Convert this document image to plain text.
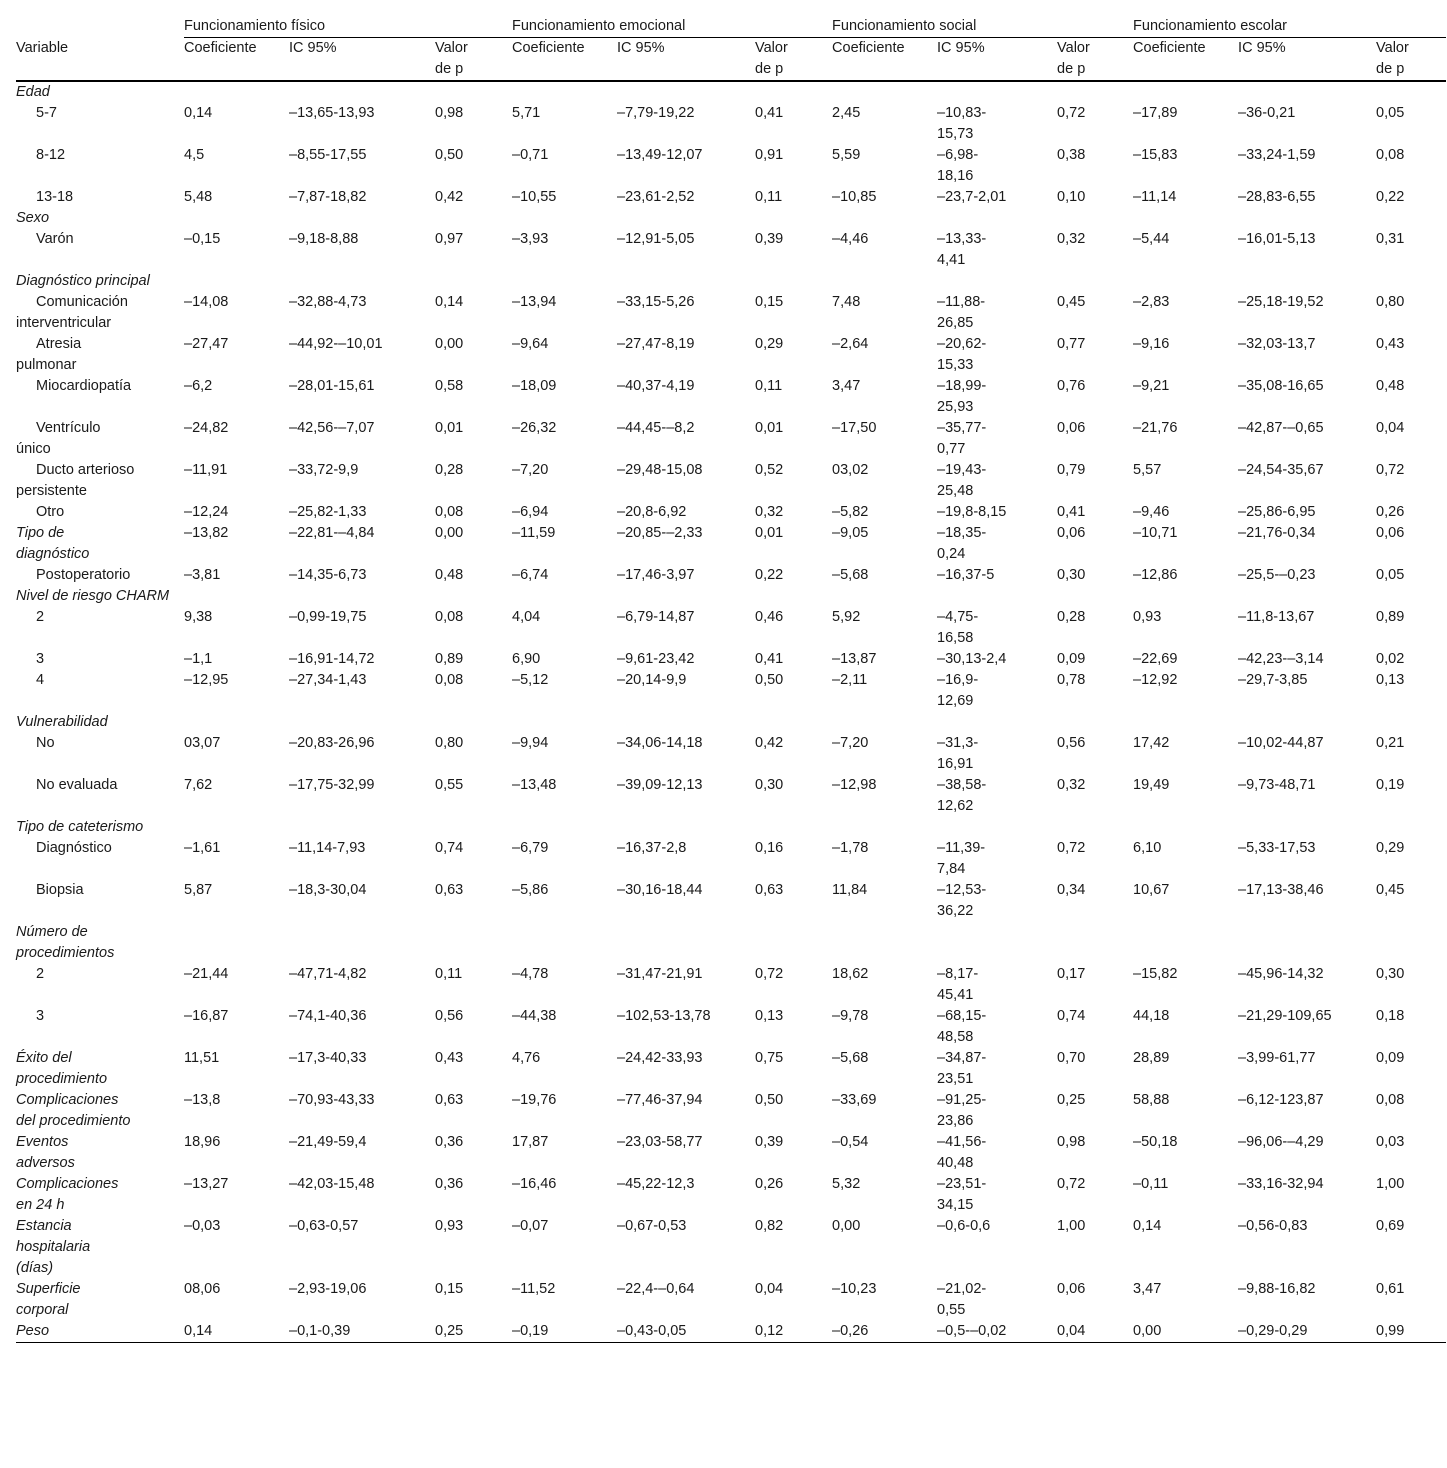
	Funcionamiento físico			Funcionamiento emocional			Funcionamiento social			Funcionamiento escolar		
Variable	Coeficiente	IC 95%	Valor de p	Coeficiente	IC 95%	Valor de p	Coeficiente	IC 95%	Valor de p	Coeficiente	IC 95%	Valor de p
Edad												
5-7	0,14	–13,65-13,93	0,98	5,71	–7,79-19,22	0,41	2,45	–10,83-15,73	0,72	–17,89	–36-0,21	0,05
8-12	4,5	–8,55-17,55	0,50	–0,71	–13,49-12,07	0,91	5,59	–6,98-18,16	0,38	–15,83	–33,24-1,59	0,08
13-18	5,48	–7,87-18,82	0,42	–10,55	–23,61-2,52	0,11	–10,85	–23,7-2,01	0,10	–11,14	–28,83-6,55	0,22
Sexo												
Varón	–0,15	–9,18-8,88	0,97	–3,93	–12,91-5,05	0,39	–4,46	–13,33-4,41	0,32	–5,44	–16,01-5,13	0,31
Diagnóstico principal												
Comunicación interventricular	–14,08	–32,88-4,73	0,14	–13,94	–33,15-5,26	0,15	7,48	–11,88-26,85	0,45	–2,83	–25,18-19,52	0,80
Atresia pulmonar	–27,47	–44,92-–10,01	0,00	–9,64	–27,47-8,19	0,29	–2,64	–20,62-15,33	0,77	–9,16	–32,03-13,7	0,43
Miocardiopatía	–6,2	–28,01-15,61	0,58	–18,09	–40,37-4,19	0,11	3,47	–18,99-25,93	0,76	–9,21	–35,08-16,65	0,48
Ventrículo único	–24,82	–42,56-–7,07	0,01	–26,32	–44,45-–8,2	0,01	–17,50	–35,77-0,77	0,06	–21,76	–42,87-–0,65	0,04
Ducto arterioso persistente	–11,91	–33,72-9,9	0,28	–7,20	–29,48-15,08	0,52	03,02	–19,43-25,48	0,79	5,57	–24,54-35,67	0,72
Otro	–12,24	–25,82-1,33	0,08	–6,94	–20,8-6,92	0,32	–5,82	–19,8-8,15	0,41	–9,46	–25,86-6,95	0,26
Tipo de diagnóstico	–13,82	–22,81-–4,84	0,00	–11,59	–20,85-–2,33	0,01	–9,05	–18,35-0,24	0,06	–10,71	–21,76-0,34	0,06
Postoperatorio	–3,81	–14,35-6,73	0,48	–6,74	–17,46-3,97	0,22	–5,68	–16,37-5	0,30	–12,86	–25,5-–0,23	0,05
Nivel de riesgo CHARM												
2	9,38	–0,99-19,75	0,08	4,04	–6,79-14,87	0,46	5,92	–4,75-16,58	0,28	0,93	–11,8-13,67	0,89
3	–1,1	–16,91-14,72	0,89	6,90	–9,61-23,42	0,41	–13,87	–30,13-2,4	0,09	–22,69	–42,23-–3,14	0,02
4	–12,95	–27,34-1,43	0,08	–5,12	–20,14-9,9	0,50	–2,11	–16,9-12,69	0,78	–12,92	–29,7-3,85	0,13
Vulnerabilidad												
No	03,07	–20,83-26,96	0,80	–9,94	–34,06-14,18	0,42	–7,20	–31,3-16,91	0,56	17,42	–10,02-44,87	0,21
No evaluada	7,62	–17,75-32,99	0,55	–13,48	–39,09-12,13	0,30	–12,98	–38,58-12,62	0,32	19,49	–9,73-48,71	0,19
Tipo de cateterismo												
Diagnóstico	–1,61	–11,14-7,93	0,74	–6,79	–16,37-2,8	0,16	–1,78	–11,39-7,84	0,72	6,10	–5,33-17,53	0,29
Biopsia	5,87	–18,3-30,04	0,63	–5,86	–30,16-18,44	0,63	11,84	–12,53-36,22	0,34	10,67	–17,13-38,46	0,45
Número de procedimientos												
2	–21,44	–47,71-4,82	0,11	–4,78	–31,47-21,91	0,72	18,62	–8,17-45,41	0,17	–15,82	–45,96-14,32	0,30
3	–16,87	–74,1-40,36	0,56	–44,38	–102,53-13,78	0,13	–9,78	–68,15-48,58	0,74	44,18	–21,29-109,65	0,18
Éxito del procedimiento	11,51	–17,3-40,33	0,43	4,76	–24,42-33,93	0,75	–5,68	–34,87-23,51	0,70	28,89	–3,99-61,77	0,09
Complicaciones del procedimiento	–13,8	–70,93-43,33	0,63	–19,76	–77,46-37,94	0,50	–33,69	–91,25-23,86	0,25	58,88	–6,12-123,87	0,08
Eventos adversos	18,96	–21,49-59,4	0,36	17,87	–23,03-58,77	0,39	–0,54	–41,56-40,48	0,98	–50,18	–96,06-–4,29	0,03
Complicaciones en 24 h	–13,27	–42,03-15,48	0,36	–16,46	–45,22-12,3	0,26	5,32	–23,51-34,15	0,72	–0,11	–33,16-32,94	1,00
Estancia hospitalaria (días)	–0,03	–0,63-0,57	0,93	–0,07	–0,67-0,53	0,82	0,00	–0,6-0,6	1,00	0,14	–0,56-0,83	0,69
Superficie corporal	08,06	–2,93-19,06	0,15	–11,52	–22,4-–0,64	0,04	–10,23	–21,02-0,55	0,06	3,47	–9,88-16,82	0,61
Peso	0,14	–0,1-0,39	0,25	–0,19	–0,43-0,05	0,12	–0,26	–0,5-–0,02	0,04	0,00	–0,29-0,29	0,99
